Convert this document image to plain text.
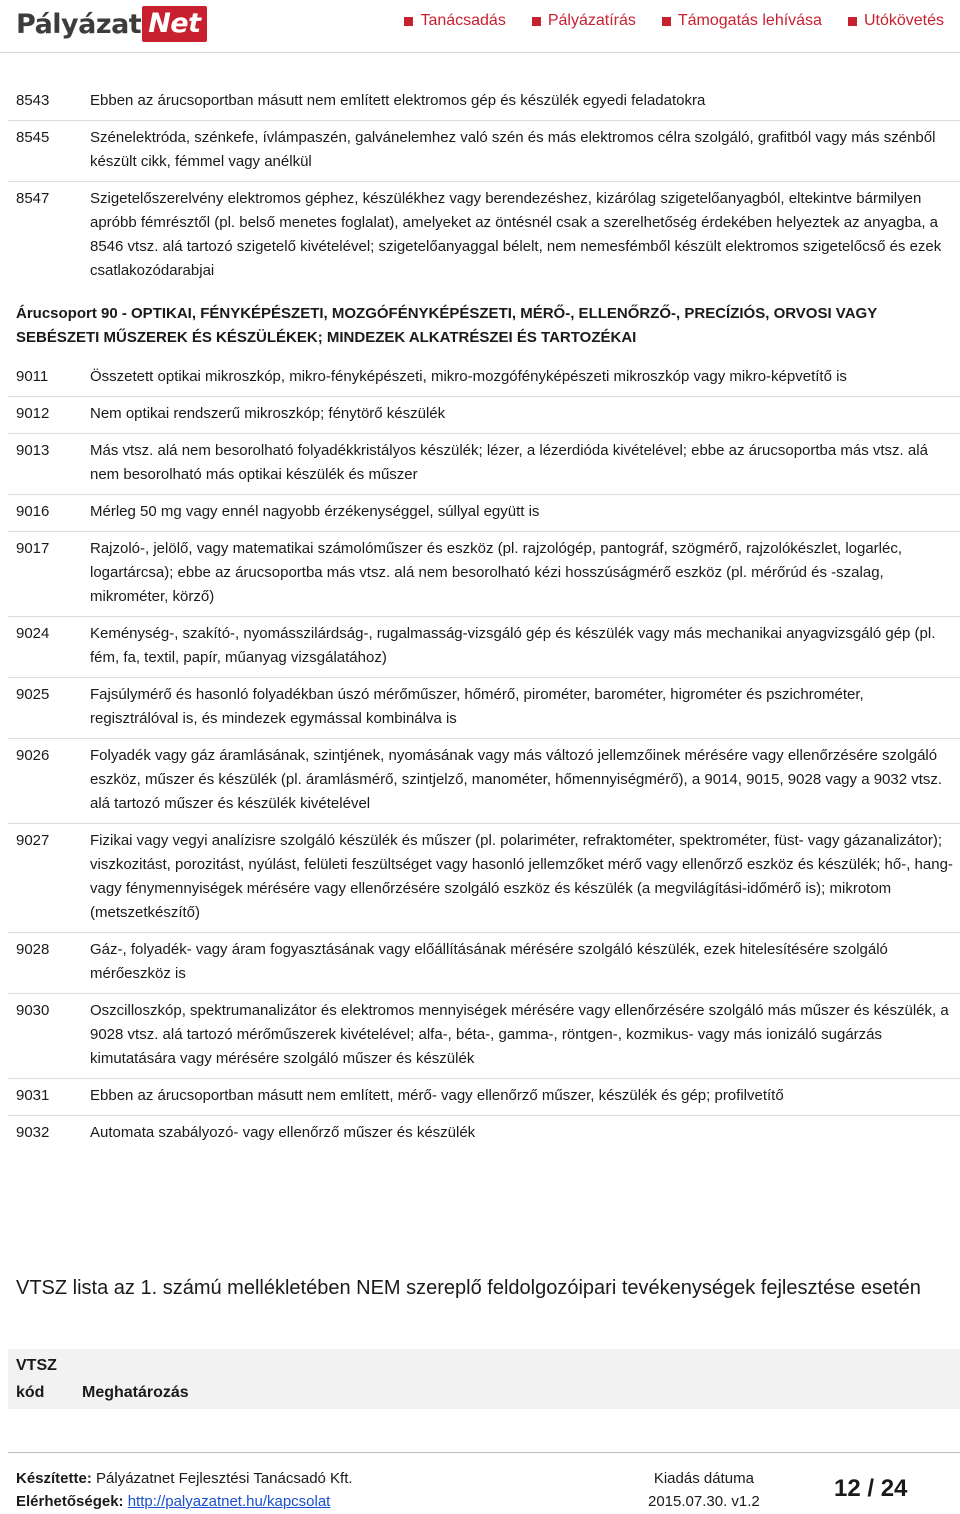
Pályázat Net	Tanácsadás	Pályázatírás	Támogatás lehívása	Utókövetés
8543	Ebben az árucsoportban másutt nem említett elektromos gép és készülék egyedi feladatokra
8545	Szénelektróda, szénkefe, ívlámpaszén, galvánelemhez való szén és más elektromos célra szolgáló, grafitból vagy más szénből készült cikk, fémmel vagy anélkül
8547	Szigetelőszerelvény elektromos géphez, készülékhez vagy berendezéshez, kizárólag szigetelőanyagból, eltekintve bármilyen apróbb fémrésztől (pl. belső menetes foglalat), amelyeket az öntésnél csak a szerelhetőség érdekében helyeztek az anyagba, a 8546 vtsz. alá tartozó szigetelő kivételével; szigetelőanyaggal bélelt, nem nemesfémből készült elektromos szigetelőcső és ezek csatlakozódarabjai
Árucsoport 90 - OPTIKAI, FÉNYKÉPÉSZETI, MOZGÓFÉNYKÉPÉSZETI, MÉRŐ-, ELLENŐRZŐ-, PRECÍZIÓS, ORVOSI VAGY SEBÉSZETI MŰSZEREK ÉS KÉSZÜLÉKEK; MINDEZEK ALKATRÉSZEI ÉS TARTOZÉKAI
9011	Összetett optikai mikroszkóp, mikro-fényképészeti, mikro-mozgófényképészeti mikroszkóp vagy mikro-képvetítő is
9012	Nem optikai rendszerű mikroszkóp; fénytörő készülék
9013	Más vtsz. alá nem besorolható folyadékkristályos készülék; lézer, a lézerdióda kivételével; ebbe az árucsoportba más vtsz. alá nem besorolható más optikai készülék és műszer
9016	Mérleg 50 mg vagy ennél nagyobb érzékenységgel, súllyal együtt is
9017	Rajzoló-, jelölő, vagy matematikai számolóműszer és eszköz (pl. rajzológép, pantográf, szögmérő, rajzolókészlet, logarléc, logartárcsa); ebbe az árucsoportba más vtsz. alá nem besorolható kézi hosszúságmérő eszköz (pl. mérőrúd és -szalag, mikrométer, körző)
9024	Keménység-, szakító-, nyomásszilárdság-, rugalmasság-vizsgáló gép és készülék vagy más mechanikai anyagvizsgáló gép (pl. fém, fa, textil, papír, műanyag vizsgálatához)
9025	Fajsúlymérő és hasonló folyadékban úszó mérőműszer, hőmérő, pirométer, barométer, higrométer és pszichrométer, regisztrálóval is, és mindezek egymással kombinálva is
9026	Folyadék vagy gáz áramlásának, szintjének, nyomásának vagy más változó jellemzőinek mérésére vagy ellenőrzésére szolgáló eszköz, műszer és készülék (pl. áramlásmérő, szintjelző, manométer, hőmennyiségmérő), a 9014, 9015, 9028 vagy a 9032 vtsz. alá tartozó műszer és készülék kivételével
9027	Fizikai vagy vegyi analízisre szolgáló készülék és műszer (pl. polariméter, refraktométer, spektrométer, füst- vagy gázanalizátor); viszkozitást, porozitást, nyúlást, felületi feszültséget vagy hasonló jellemzőket mérő vagy ellenőrző eszköz és készülék; hő-, hang- vagy fénymennyiségek mérésére vagy ellenőrzésére szolgáló eszköz és készülék (a megvilágítási-időmérő is); mikrotom (metszetkészítő)
9028	Gáz-, folyadék- vagy áram fogyasztásának vagy előállításának mérésére szolgáló készülék, ezek hitelesítésére szolgáló mérőeszköz is
9030	Oszcilloszkóp, spektrumanalizátor és elektromos mennyiségek mérésére vagy ellenőrzésére szolgáló más műszer és készülék, a 9028 vtsz. alá tartozó mérőműszerek kivételével; alfa-, béta-, gamma-, röntgen-, kozmikus- vagy más ionizáló sugárzás kimutatására vagy mérésére szolgáló műszer és készülék
9031	Ebben az árucsoportban másutt nem említett, mérő- vagy ellenőrző műszer, készülék és gép; profilvetítő
9032	Automata szabályozó- vagy ellenőrző műszer és készülék
VTSZ lista az 1. számú mellékletében NEM szereplő feldolgozóipari tevékenységek fejlesztése esetén
VTSZ kód	Meghatározás
Készítette: Pályázatnet Fejlesztési Tanácsadó Kft.
Elérhetőségek: http://palyazatnet.hu/kapcsolat
Kiadás dátuma
2015.07.30. v1.2	12 / 24
